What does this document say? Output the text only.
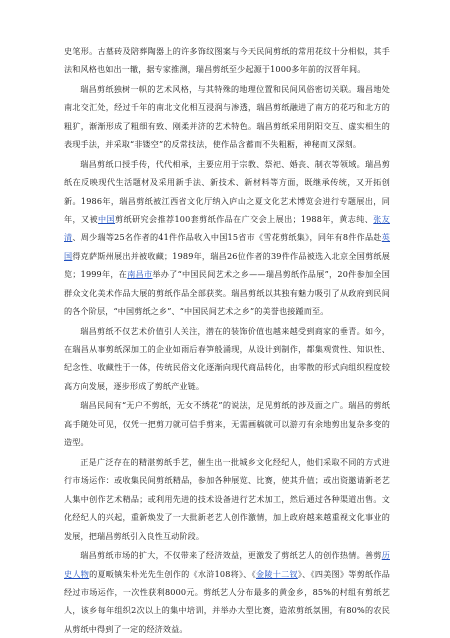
史笔形。古墓砖及陪葬陶器上的许多饰纹图案与今天民间剪纸的常用花纹十分相似，其手法和风格也如出一辙，据专家推测，瑞昌剪纸至少起源于1000多年前的汉晋年间。

瑞昌剪纸独树一帜的艺术风格，与其特殊的地理位置和民间风俗密切关联。瑞昌地处南北交汇处，经过千年的南北文化相互浸润与渗透，瑞昌剪纸融进了南方的花巧和北方的粗犷，渐渐形成了粗细有致、刚柔并济的艺术特色。瑞昌剪纸采用阴阳交互、虚实相生的表现手法，并采取“非镂空”的反常技法，使作品含蓄而不失粗粝，神秘而又深刻。

瑞昌剪纸口授手传，代代相承，主要应用于宗教、祭祀、婚丧、制衣等领域。瑞昌剪纸在反映现代生活题材及采用新手法、新技术、新材料等方面，既继承传统，又开拓创新。1986年，瑞昌剪纸被江西省文化厅纳入庐山之夏文化艺术博览会进行专题展出，同年，又被中国剪纸研究会推荐100套剪纸作品在广交会上展出；1988年，黄志纯、张友清、周少瑞等25名作者的41件作品收入中国15省市《雪花剪纸集》，同年有8件作品赴英国得克萨斯州展出并被收藏；1989年，瑞昌26位作者的39件作品被选入北京全国剪纸展览；1999年，在南昌市举办了“中国民间艺术之乡——瑞昌剪纸作品展”，20件参加全国群众文化美术作品大展的剪纸作品全部获奖。瑞昌剪纸以其独有魅力吸引了从政府到民间的各个阶层，“中国剪纸之乡”、“中国民间艺术之乡”的美誉也接踵而至。

瑞昌剪纸不仅艺术价值引人关注，潜在的装饰价值也越来越受到商家的垂青。如今，在瑞昌从事剪纸深加工的企业如雨后春笋般涌现，从设计到制作，都集观赏性、知识性、纪念性、收藏性于一体，传统民俗文化逐渐向现代商品转化，由零散的形式向组织程度较高方向发展，逐步形成了剪纸产业链。

瑞昌民间有“无户不剪纸，无女不绣花”的说法，足见剪纸的涉及面之广。瑞昌的剪纸高手随处可见，仅凭一把剪刀就可信手剪来，无需画稿就可以游刃有余地剪出复杂多变的造型。

正是广泛存在的精湛剪纸手艺，催生出一批城乡文化经纪人，他们采取不同的方式进行市场运作：或收集民间剪纸精品，参加各种展览、比赛，使其升值；或出资邀请新老艺人集中创作艺术精品；或利用先进的技术设备进行艺术加工，然后通过各种渠道出售。文化经纪人的兴起，重新焕发了一大批新老艺人创作激情，加上政府越来越重视文化事业的发展，把瑞昌剪纸引入良性互动阶段。

瑞昌剪纸市场的扩大，不仅带来了经济效益，更激发了剪纸艺人的创作热情。善剪历史人物的夏畈镇朱朴光先生创作的《水浒108将》、《金陵十二钗》、《四美图》等剪纸作品经过市场运作，一次性获利8000元。剪纸艺人分布最多的黄金乡，85%的村组有剪纸艺人，该乡每年组织2次以上的集中培训，并举办大型比赛，造浓剪纸氛围，有80%的农民从剪纸中得到了一定的经济效益。
